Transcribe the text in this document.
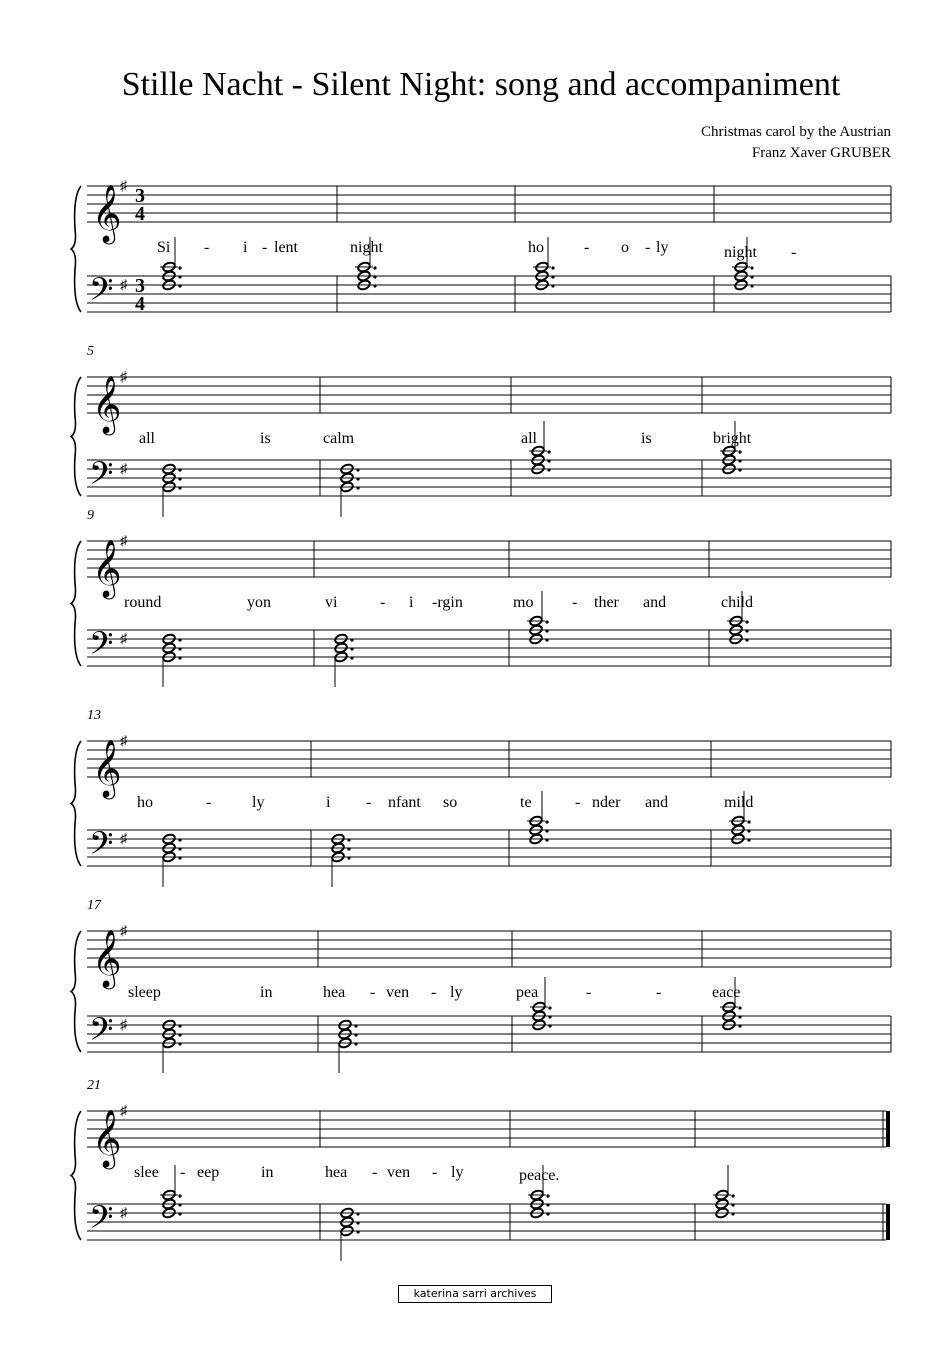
Stille Nacht - Silent Night: song and accompaniment
Christmas carol by the Austrian
Franz Xaver GRUBER
𝄞
𝄢
♯
♯
3
4
3
4
Si - i - lent	night	ho	- o - ly	night -
5
𝄞
𝄢
♯
♯
all	is	calm	all	is	bright
9
𝄞
𝄢
♯
♯
round	yon	vi	- i -rgin	mo - ther and	child
13
𝄞
𝄢
♯
♯
ho	-	ly	i - nfant so	te	- nder and	mild
17
𝄞
𝄢
♯
♯
sleep	in	hea - ven - ly	pea	-	-	eace
21
𝄞
𝄢
♯
♯
slee - eep	in	hea - ven - ly	peace.
katerina sarri archives
